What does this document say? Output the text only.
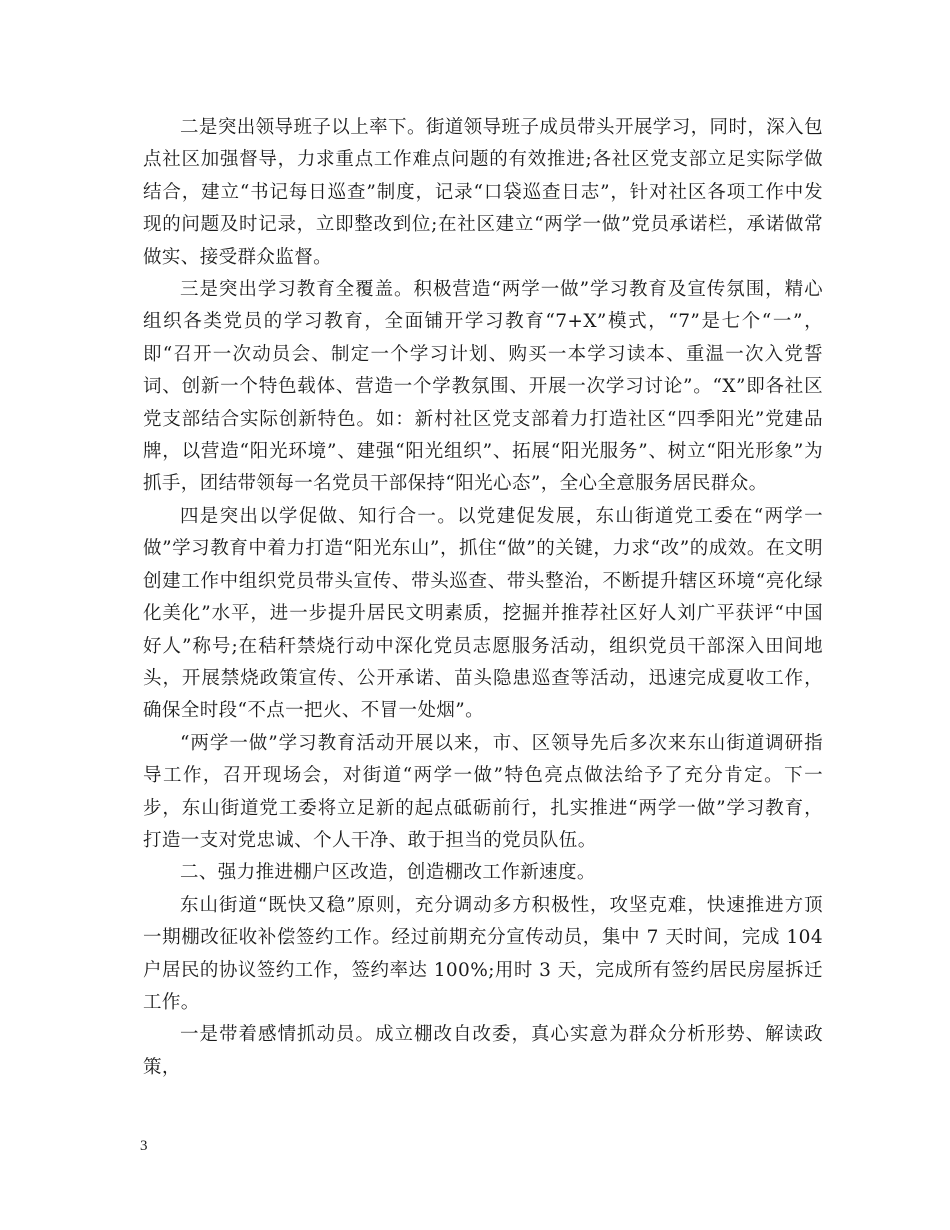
二是突出领导班子以上率下。街道领导班子成员带头开展学习，同时，深入包点社区加强督导，力求重点工作难点问题的有效推进;各社区党支部立足实际学做结合，建立“书记每日巡查”制度，记录“口袋巡查日志”，针对社区各项工作中发现的问题及时记录，立即整改到位;在社区建立“两学一做”党员承诺栏，承诺做常做实、接受群众监督。

三是突出学习教育全覆盖。积极营造“两学一做”学习教育及宣传氛围，精心组织各类党员的学习教育，全面铺开学习教育“7+X”模式，“7”是七个“一”，即“召开一次动员会、制定一个学习计划、购买一本学习读本、重温一次入党誓词、创新一个特色载体、营造一个学教氛围、开展一次学习讨论”。“X”即各社区党支部结合实际创新特色。如：新村社区党支部着力打造社区“四季阳光”党建品牌，以营造“阳光环境”、建强“阳光组织”、拓展“阳光服务”、树立“阳光形象”为抓手，团结带领每一名党员干部保持“阳光心态”，全心全意服务居民群众。

四是突出以学促做、知行合一。以党建促发展，东山街道党工委在“两学一做”学习教育中着力打造“阳光东山”，抓住“做”的关键，力求“改”的成效。在文明创建工作中组织党员带头宣传、带头巡查、带头整治，不断提升辖区环境“亮化绿化美化”水平，进一步提升居民文明素质，挖掘并推荐社区好人刘广平获评“中国好人”称号;在秸秆禁烧行动中深化党员志愿服务活动，组织党员干部深入田间地头，开展禁烧政策宣传、公开承诺、苗头隐患巡查等活动，迅速完成夏收工作，确保全时段“不点一把火、不冒一处烟”。

“两学一做”学习教育活动开展以来，市、区领导先后多次来东山街道调研指导工作，召开现场会，对街道“两学一做”特色亮点做法给予了充分肯定。下一步，东山街道党工委将立足新的起点砥砺前行，扎实推进“两学一做”学习教育，打造一支对党忠诚、个人干净、敢于担当的党员队伍。

二、强力推进棚户区改造，创造棚改工作新速度。

东山街道“既快又稳”原则，充分调动多方积极性，攻坚克难，快速推进方顶一期棚改征收补偿签约工作。经过前期充分宣传动员，集中 7 天时间，完成 104 户居民的协议签约工作，签约率达 100%;用时 3 天，完成所有签约居民房屋拆迁工作。

一是带着感情抓动员。成立棚改自改委，真心实意为群众分析形势、解读政策，

3
